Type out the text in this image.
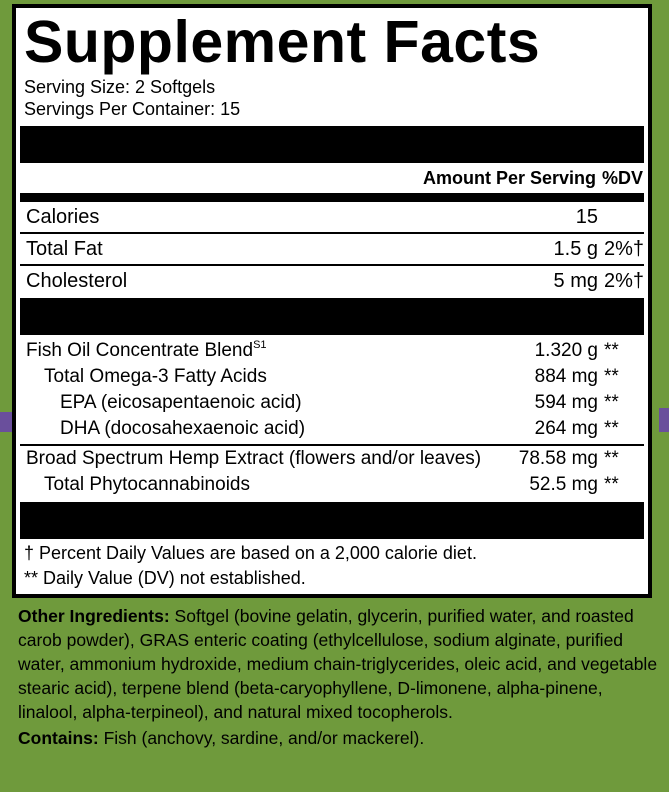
Supplement Facts
Serving Size: 2 Softgels
Servings Per Container: 15
Amount Per Serving %DV
Calories	15
Total Fat	1.5 g 2%†
Cholesterol	5 mg 2%†
Fish Oil Concentrate Blend$^{S1}$	1.320 g **
Total Omega-3 Fatty Acids	884 mg **
EPA (eicosapentaenoic acid)	594 mg **
DHA (docosahexaenoic acid)	264 mg **
Broad Spectrum Hemp Extract (flowers and/or leaves) 78.58 mg **
Total Phytocannabinoids	52.5 mg **
† Percent Daily Values are based on a 2,000 calorie diet.
** Daily Value (DV) not established.
Other Ingredients: Softgel (bovine gelatin, glycerin, purified water, and roasted carob powder), GRAS enteric coating (ethylcellulose, sodium alginate, purified water, ammonium hydroxide, medium chain-triglycerides, oleic acid, and vegetable stearic acid), terpene blend (beta-caryophyllene, D-limonene, alpha-pinene, linalool, alpha-terpineol), and natural mixed tocopherols.
Contains: Fish (anchovy, sardine, and/or mackerel).
